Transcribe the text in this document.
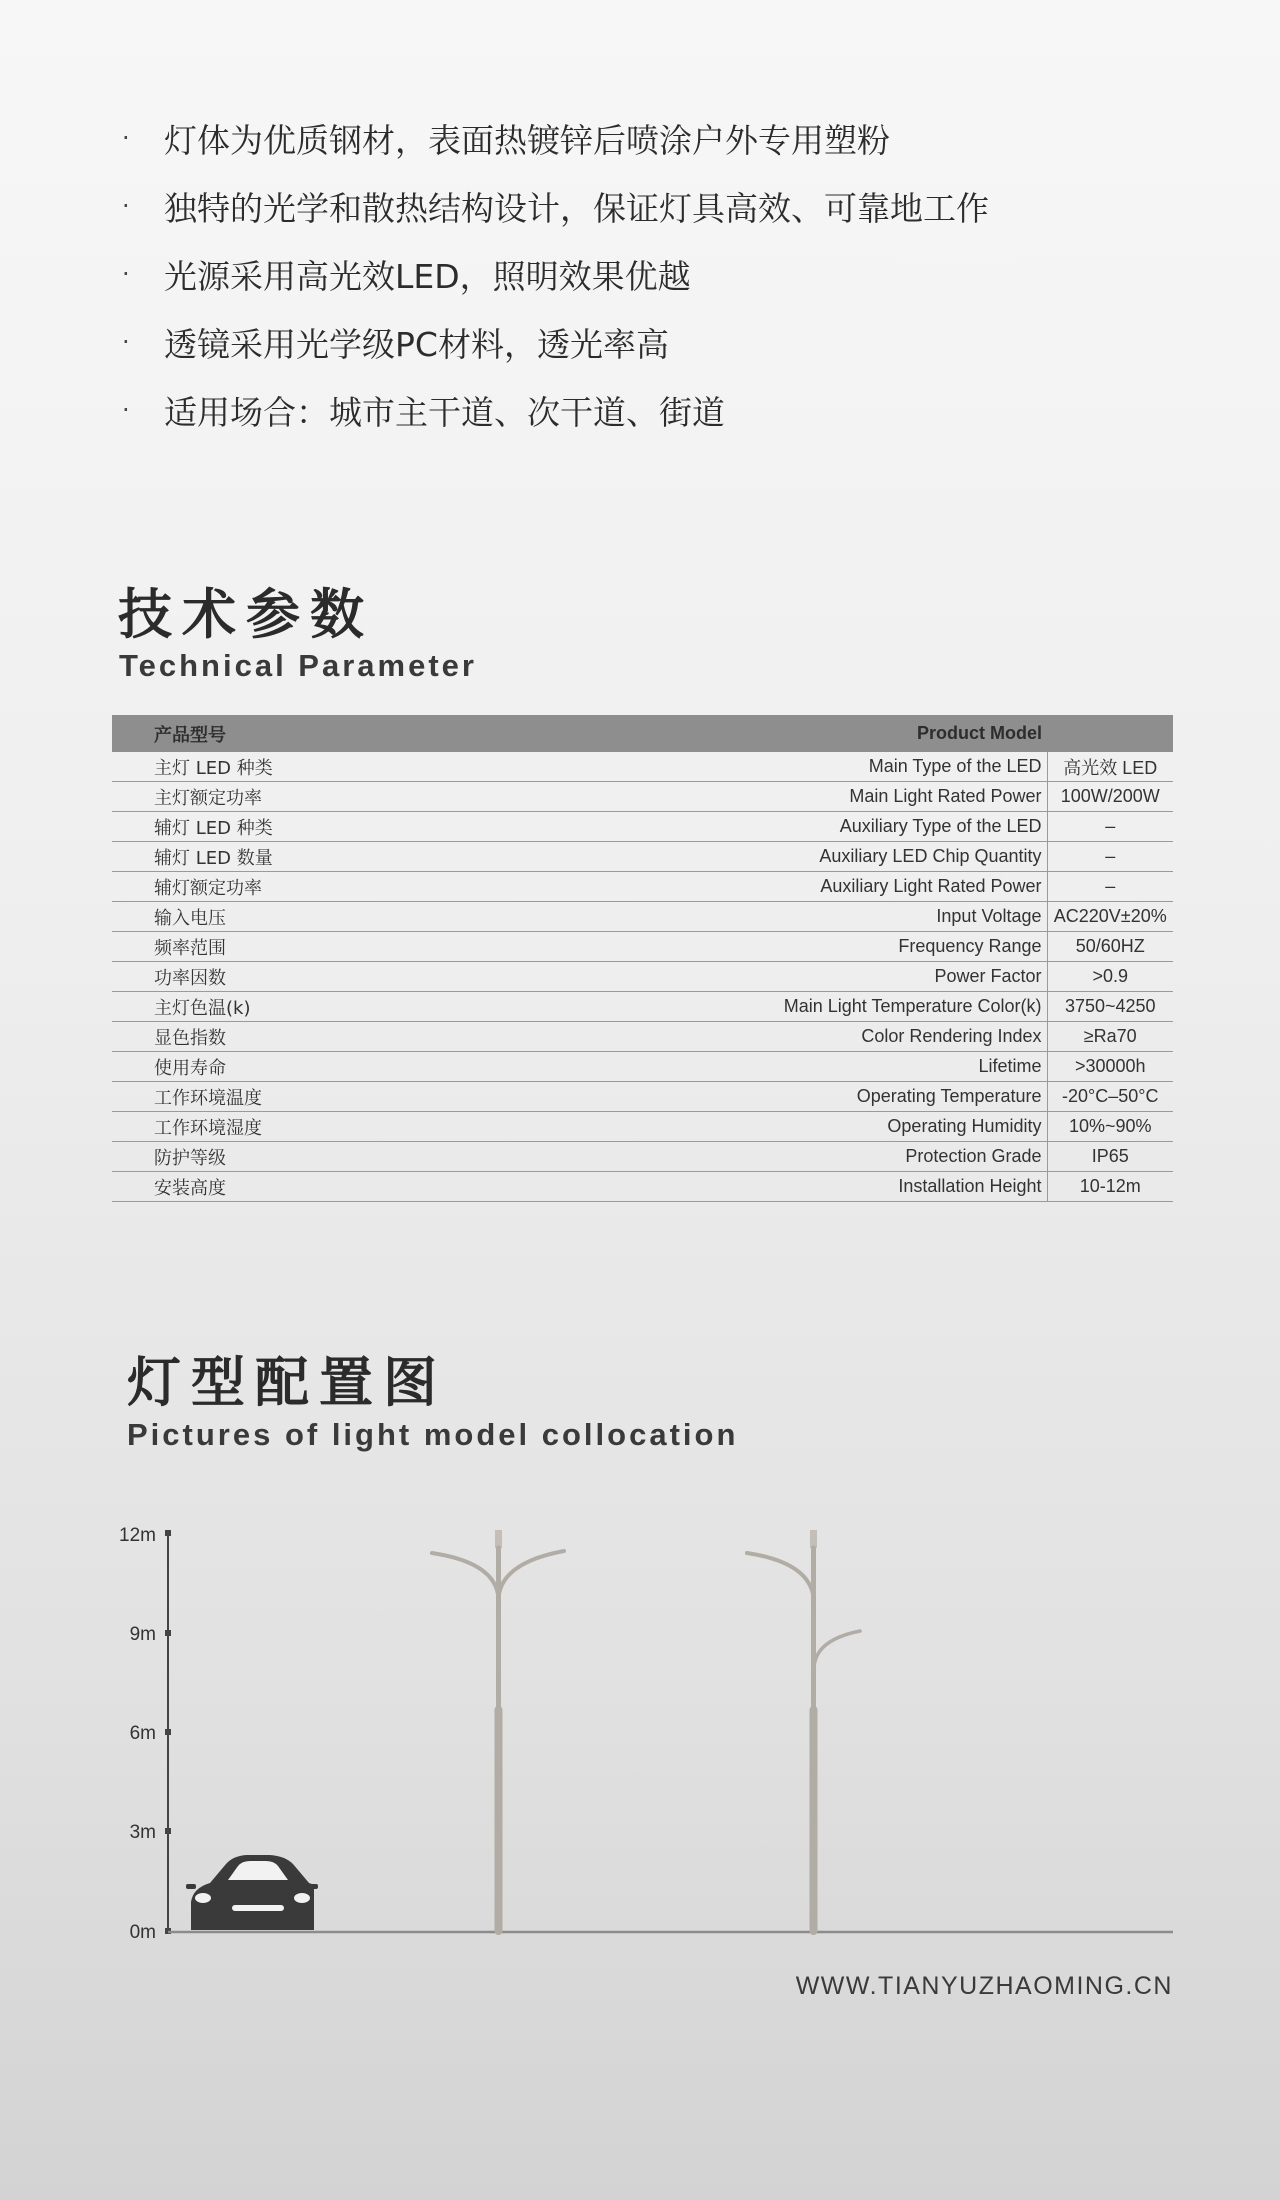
·	灯体为优质钢材，表面热镀锌后喷涂户外专用塑粉
·	独特的光学和散热结构设计，保证灯具高效、可靠地工作
·	光源采用高光效LED，照明效果优越
·	透镜采用光学级PC材料，透光率高
·	适用场合：城市主干道、次干道、街道
技术参数
Technical Parameter
产品型号	Product Model	
主灯 LED 种类	Main Type of the LED	高光效 LED
主灯额定功率	Main Light Rated Power	100W/200W
辅灯 LED 种类	Auxiliary Type of the LED	–
辅灯 LED 数量	Auxiliary LED Chip Quantity	–
辅灯额定功率	Auxiliary Light Rated Power	–
输入电压	Input Voltage	AC220V±20%
频率范围	Frequency Range	50/60HZ
功率因数	Power Factor	>0.9
主灯色温(k)	Main Light Temperature Color(k)	3750~4250
显色指数	Color Rendering Index	≥Ra70
使用寿命	Lifetime	>30000h
工作环境温度	Operating Temperature	-20°C–50°C
工作环境湿度	Operating Humidity	10%~90%
防护等级	Protection Grade	IP65
安装高度	Installation Height	10-12m
灯型配置图
Pictures of light model collocation
12m
9m
6m
3m
0m
WWW.TIANYUZHAOMING.CN
